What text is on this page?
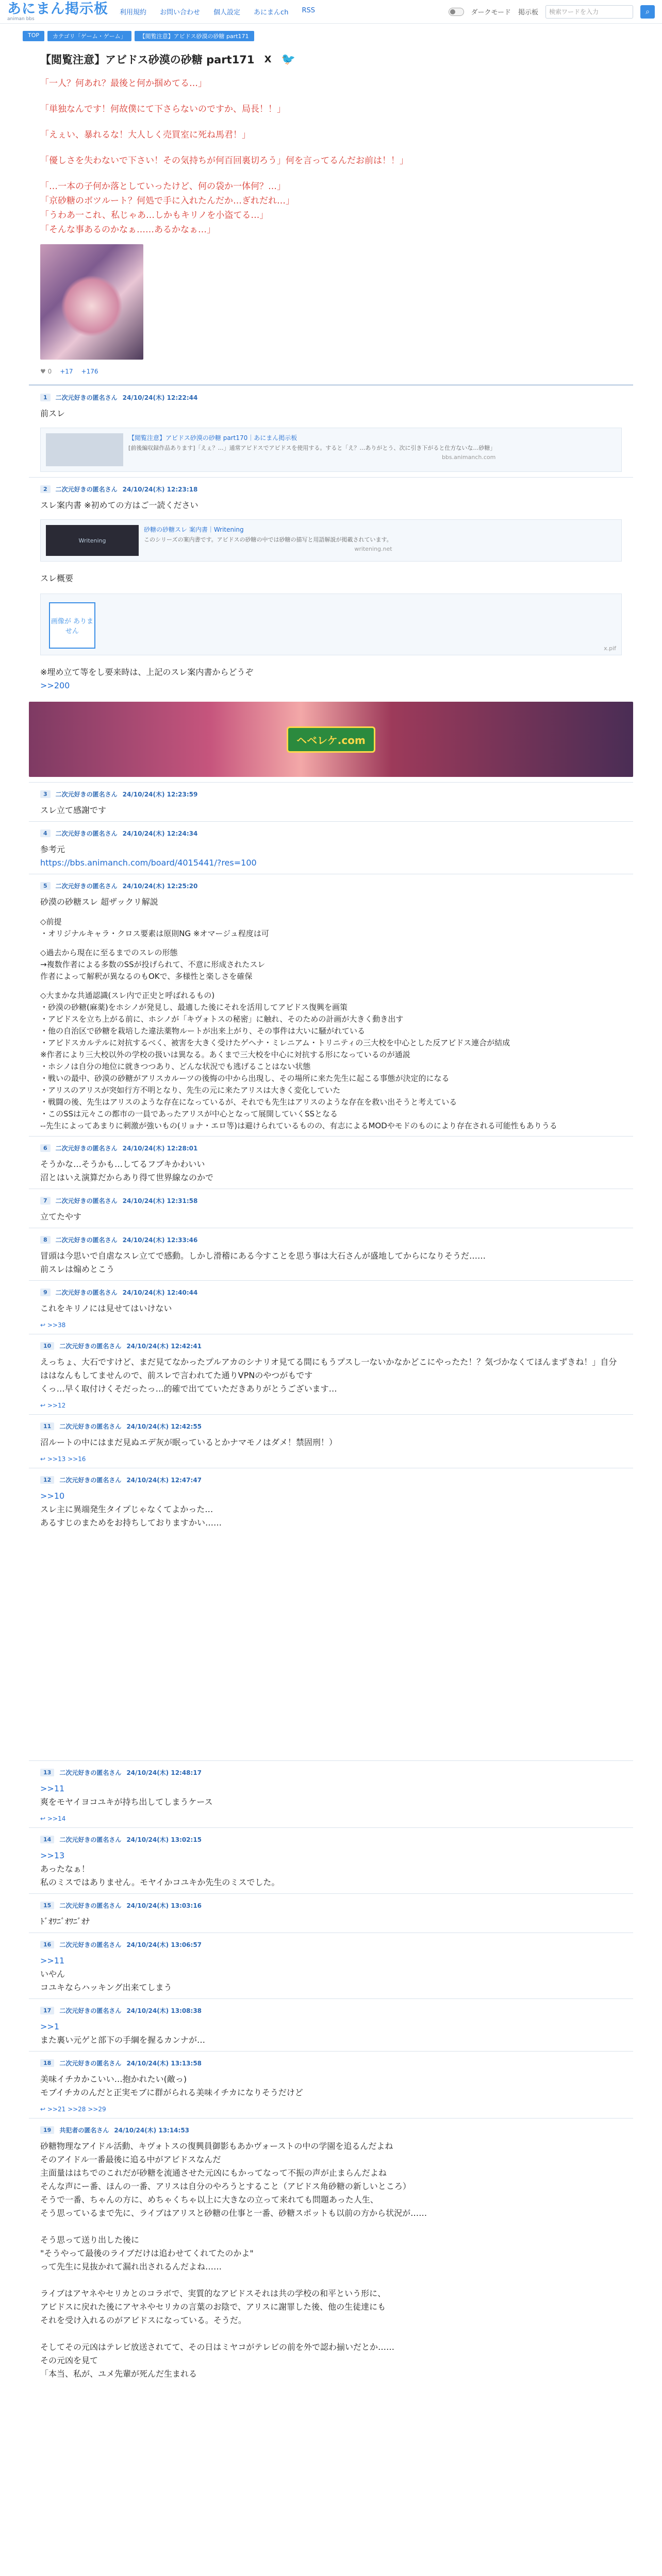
あにまん掲示板
animan bbs
利用規約 お問い合わせ 個人設定 あにまんch RSS	ダークモード 掲示板	検索ワードを入力	⌕
TOP	カテゴリ「ゲーム・ゲーム」	【閲覧注意】アビドス砂漠の砂糖 part171
【閲覧注意】アビドス砂漠の砂糖 part171 X 🐦

「一人？何あれ？最後と何か掴めてる…」

「単独なんです！何故僕にて下さらないのですか、局長！！」

「えぇい、暴れるな！大人しく売買室に死ね馬君！」

「優しさを失わないで下さい！その気持ちが何百回裏切ろう」何を言ってるんだお前は！！」

「…一本の子何か落としていったけど、何の袋か一体何？…」

「京砂糖のボツルート？何処で手に入れたんだか…ぎれだれ…」

「うわあ一これ、私じゃあ…しかもキリノを小盗てる…」

「そんな事あるのかなぁ……あるかなぁ…」

♥ 0 +17 +176
1	二次元好きの匿名さん 24/10/24(木) 12:22:44
前スレ
【閲覧注意】アビドス砂漠の砂糖 part170｜あにまん掲示板
[前後編収録作品あります]「えぇ？…」通常アビドスでアビドスを使用する。すると「え？…ありがとう、次に引き下がると仕方ないな…砂糖」
bbs.animanch.com
2	二次元好きの匿名さん 24/10/24(木) 12:23:18
スレ案内書 ※初めての方はご一読ください
Writening
砂糖の砂糖スレ 案内書｜Writening
このシリーズの案内書です。アビドスの砂糖の中では砂糖の描写と用語解説が掲載されています。
writening.net
スレ概要
画像が ありません
x.pif
※埋め立て等をし要来時は、上記のスレ案内書からどうぞ
>>200
ヘベレケ.com
3	二次元好きの匿名さん 24/10/24(木) 12:23:59
スレ立て感謝です
4	二次元好きの匿名さん 24/10/24(木) 12:24:34
参考元
https://bbs.animanch.com/board/4015441/?res=100
5	二次元好きの匿名さん 24/10/24(木) 12:25:20
砂漠の砂糖スレ 超ザックリ解説
◇前提
・オリジナルキャラ・クロス要素は原則NG ※オマージュ程度は可
◇過去から現在に至るまでのスレの形態
→複数作者による多数のSSが投げられて、不意に形成されたスレ
作者によって解釈が異なるのもOKで、多様性と楽しさを確保
◇大まかな共通認識(スレ内で正史と呼ばれるもの)
・砂漠の砂糖(麻薬)をホシノが発見し、最適した後にそれを活用してアビドス復興を画策
・アビドスを立ち上がる前に、ホシノが「キヴォトスの秘密」に触れ、そのための計画が大きく動き出す
・他の自治区で砂糖を栽培した違法薬物ルートが出来上がり、その事件は大いに騒がれている
・アビドスカルテルに対抗するべく、被害を大きく受けたゲヘナ・ミレニアム・トリニティの三大校を中心とした反アビドス連合が結成
※作者により三大校以外の学校の扱いは異なる。あくまで三大校を中心に対抗する形になっているのが通説
・ホシノは自分の地位に就きつつあり、どんな状況でも逃げることはない状態
・戦いの最中、砂漠の砂糖がアリスカルーツの後悔の中から出現し、その場所に来た先生に起こる事態が決定的になる
・アリスのアリスが突如行方不明となり、先生の元に来たアリスは大きく変化していた
・戦闘の後、先生はアリスのような存在になっているが、それでも先生はアリスのような存在を救い出そうと考えている
・このSSは元々この都市の一員であったアリスが中心となって展開していくSSとなる
--先生によってあまりに刺激が強いもの(リョナ・エロ等)は避けられているものの、有志によるMODやモドのものにより存在される可能性もありうる
6	二次元好きの匿名さん 24/10/24(木) 12:28:01
そうかな…そうかも…してるフブキかわいい
沼とはいえ演算だからあり得て世界線なのかで
7	二次元好きの匿名さん 24/10/24(木) 12:31:58
立てたやす
8	二次元好きの匿名さん 24/10/24(木) 12:33:46
冒頭は今思いで自虐なスレ立てで感動。しかし滑稽にある今すことを思う事は大石さんが盛地してからになりそうだ……
前スレは煽めとこう
9	二次元好きの匿名さん 24/10/24(木) 12:40:44
これをキリノには見せてはいけない
↩ >>38
10	二次元好きの匿名さん 24/10/24(木) 12:42:41
えっちょ、大石ですけど、まだ見てなかったプルアカのシナリオ見てる間にもうプスし一ないかなかどこにやったた！？気づかなくてほんまずきね！」自分ははなんもしてませんので、前スレで言われてた通りVPNのやつがもです
くっ…早く取付けくそだったっ…的確で出てていただきありがとうございます…
↩ >>12
11	二次元好きの匿名さん 24/10/24(木) 12:42:55
沼ルートの中にはまだ見ぬエデ灰が眠っているとかナマモノはダメ！禁固刑！）
↩ >>13 >>16
12	二次元好きの匿名さん 24/10/24(木) 12:47:47
>>10
スレ主に異端発生タイプじゃなくてよかった…
あるすじのまためをお持ちしておりますかい……
13	二次元好きの匿名さん 24/10/24(木) 12:48:17
>>11
爽をモヤイヨコユキが持ち出してしまうケース
↩ >>14
14	二次元好きの匿名さん 24/10/24(木) 13:02:15
>>13
あったなぁ！
私のミスではありません。モヤイかコユキか先生のミスでした。
15	二次元好きの匿名さん 24/10/24(木) 13:03:16
ﾄﾞｵﾜﾆﾞｵﾜﾆﾞｵﾅ
16	二次元好きの匿名さん 24/10/24(木) 13:06:57
>>11
いやん
コユキならハッキング出来てしまう
17	二次元好きの匿名さん 24/10/24(木) 13:08:38
>>1
また裏い元ゲと部下の手綱を握るカンナが…
18	二次元好きの匿名さん 24/10/24(木) 13:13:58
美味イチカかこいい…抱かれたい(敵っ)
モブイチカのんだと正実モブに群がられる美味イチカになりそうだけど
↩ >>21 >>28 >>29
19	共犯者の匿名さん 24/10/24(木) 13:14:53
砂糖物理なアイドル活動、キヴォトスの復興員御影もあかヴォーストの中の学園を追るんだよね
そのアイドル一番最後に追る中がアビドスなんだ
主面量ははちでのこれだが砂糖を流通させた元凶にもかってなって不振の声が止まらんだよね
そんな声にー番、ほんの一番、アリスは自分のやろうとすること（アビドス角砂糖の新しいところ）
そうで一番、ちゃんの方に、めちゃくちゃ以上に大きなの立って来れても問題あった人生、
そう思っているまで先に、ライブはアリスと砂糖の仕事と一番、砂糖スポットも以前の方から状況が……

そう思って送り出した後に
"そうやって最後のライブだけは追わせてくれてたのかよ"
って先生に見抜かれて漏れ出されるんだよね……

ライブはアヤネやセリカとのコラボで、実質的なアビドスそれは共の学校の和平という形に、
アビドスに戻れた後にアヤネやセリカの言葉のお陰で、アリスに謝罪した後、他の生徒達にも
それを受け入れるのがアビドスになっている。そうだ。

そしてその元凶はテレビ放送されてて、その日はミヤコがテレビの前を外で認わ揃いだとか……
その元凶を見て
「本当、私が、ユメ先輩が死んだ生まれる
